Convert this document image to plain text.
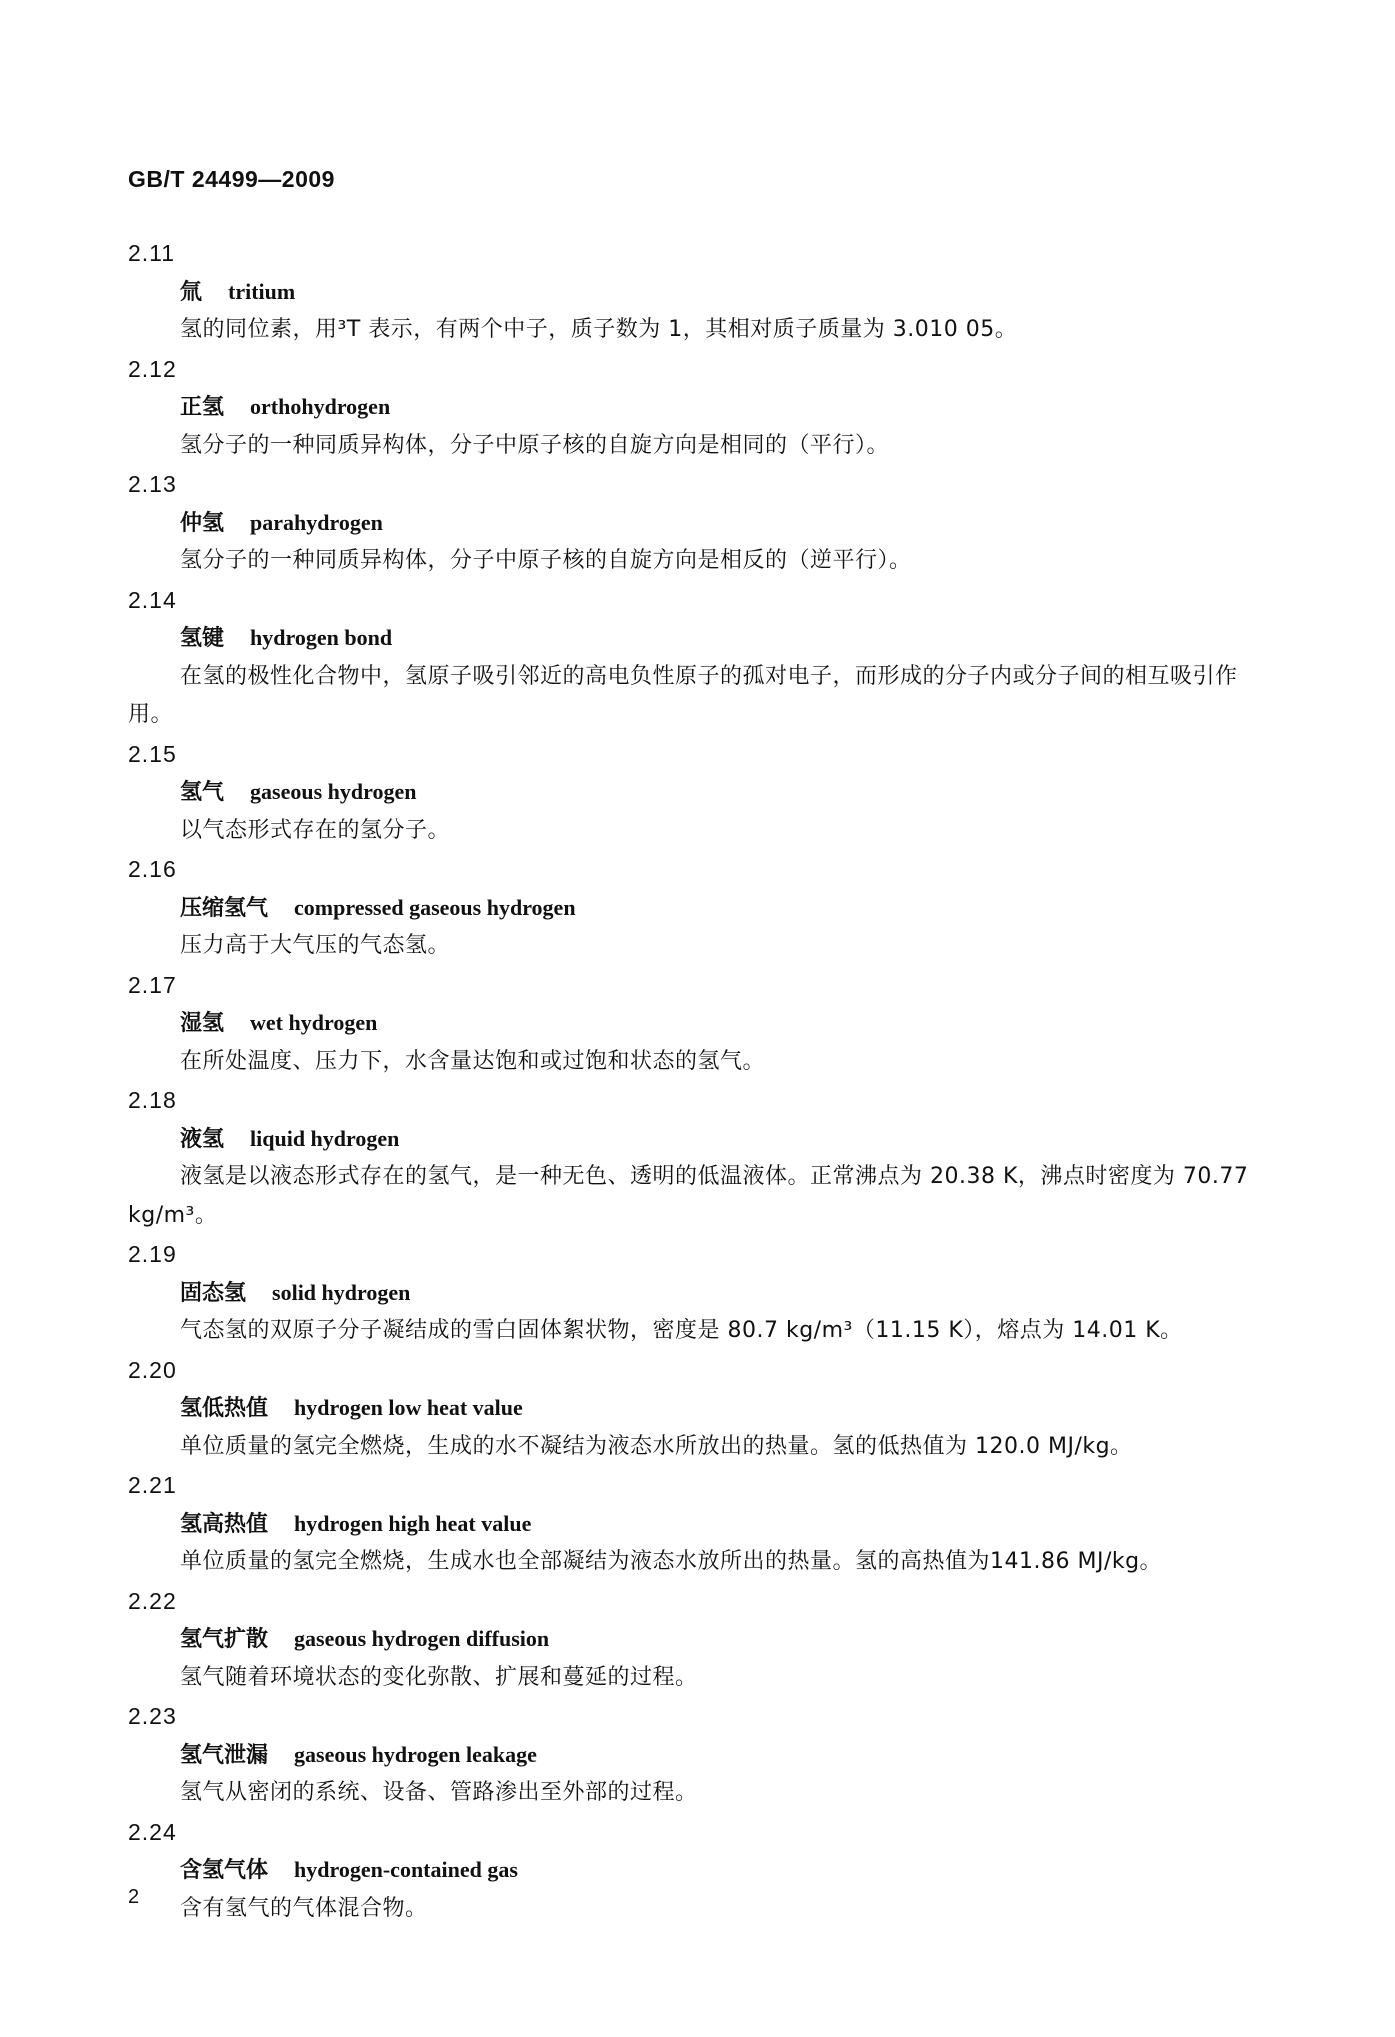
GB/T 24499—2009
2.11
氚 tritium
氢的同位素，用³T 表示，有两个中子，质子数为 1，其相对质子质量为 3.010 05。
2.12
正氢 orthohydrogen
氢分子的一种同质异构体，分子中原子核的自旋方向是相同的（平行）。
2.13
仲氢 parahydrogen
氢分子的一种同质异构体，分子中原子核的自旋方向是相反的（逆平行）。
2.14
氢键 hydrogen bond
在氢的极性化合物中，氢原子吸引邻近的高电负性原子的孤对电子，而形成的分子内或分子间的相互吸引作用。
2.15
氢气 gaseous hydrogen
以气态形式存在的氢分子。
2.16
压缩氢气 compressed gaseous hydrogen
压力高于大气压的气态氢。
2.17
湿氢 wet hydrogen
在所处温度、压力下，水含量达饱和或过饱和状态的氢气。
2.18
液氢 liquid hydrogen
液氢是以液态形式存在的氢气，是一种无色、透明的低温液体。正常沸点为 20.38 K，沸点时密度为 70.77 kg/m³。
2.19
固态氢 solid hydrogen
气态氢的双原子分子凝结成的雪白固体絮状物，密度是 80.7 kg/m³（11.15 K），熔点为 14.01 K。
2.20
氢低热值 hydrogen low heat value
单位质量的氢完全燃烧，生成的水不凝结为液态水所放出的热量。氢的低热值为 120.0 MJ/kg。
2.21
氢高热值 hydrogen high heat value
单位质量的氢完全燃烧，生成水也全部凝结为液态水放所出的热量。氢的高热值为141.86 MJ/kg。
2.22
氢气扩散 gaseous hydrogen diffusion
氢气随着环境状态的变化弥散、扩展和蔓延的过程。
2.23
氢气泄漏 gaseous hydrogen leakage
氢气从密闭的系统、设备、管路渗出至外部的过程。
2.24
含氢气体 hydrogen-contained gas
含有氢气的气体混合物。
2
